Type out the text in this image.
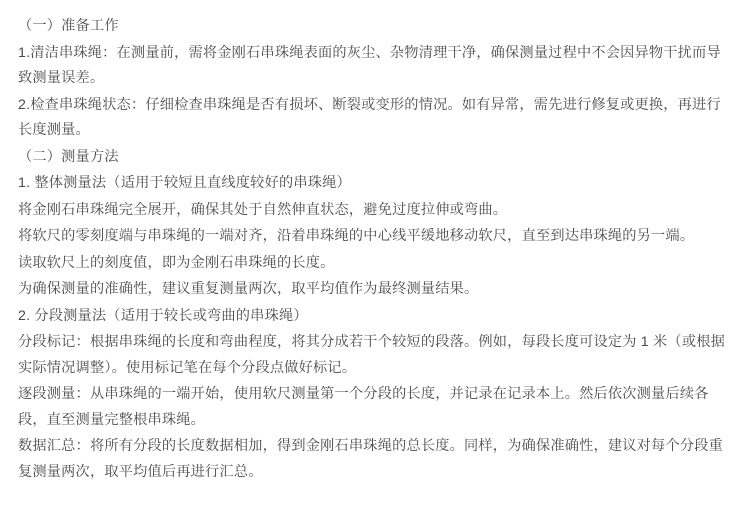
（一）准备工作

1.清洁串珠绳：在测量前，需将金刚石串珠绳表面的灰尘、杂物清理干净，确保测量过程中不会因异物干扰而导致测量误差。

2.检查串珠绳状态：仔细检查串珠绳是否有损坏、断裂或变形的情况。如有异常，需先进行修复或更换，再进行长度测量。

（二）测量方法

1. 整体测量法（适用于较短且直线度较好的串珠绳）

将金刚石串珠绳完全展开，确保其处于自然伸直状态，避免过度拉伸或弯曲。

将软尺的零刻度端与串珠绳的一端对齐，沿着串珠绳的中心线平缓地移动软尺，直至到达串珠绳的另一端。

读取软尺上的刻度值，即为金刚石串珠绳的长度。

为确保测量的准确性，建议重复测量两次，取平均值作为最终测量结果。

2. 分段测量法（适用于较长或弯曲的串珠绳）

分段标记：根据串珠绳的长度和弯曲程度，将其分成若干个较短的段落。例如，每段长度可设定为 1 米（或根据实际情况调整）。使用标记笔在每个分段点做好标记。

逐段测量：从串珠绳的一端开始，使用软尺测量第一个分段的长度，并记录在记录本上。然后依次测量后续各段，直至测量完整根串珠绳。

数据汇总：将所有分段的长度数据相加，得到金刚石串珠绳的总长度。同样，为确保准确性，建议对每个分段重复测量两次，取平均值后再进行汇总。
